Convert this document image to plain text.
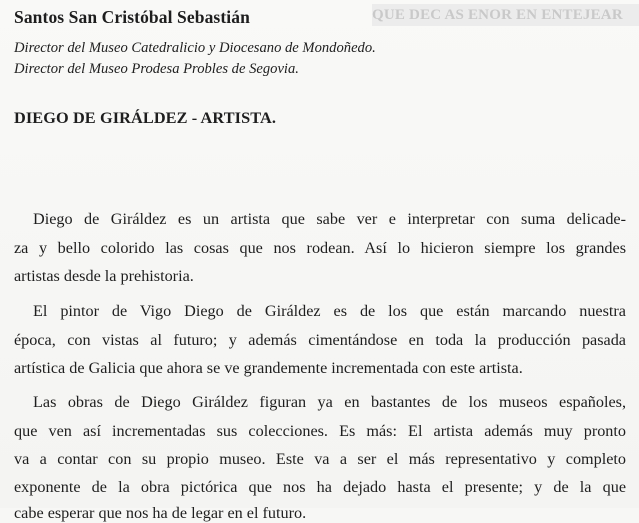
QUE DEC AS ENOR EN ENTEJEAR
Santos San Cristóbal Sebastián
Director del Museo Catedralicio y Diocesano de Mondoñedo.
Director del Museo Prodesa Probles de Segovia.
DIEGO DE GIRÁLDEZ - ARTISTA.
Diego de Giráldez es un artista que sabe ver e interpretar con suma delicade-
za y bello colorido las cosas que nos rodean. Así lo hicieron siempre los grandes
artistas desde la prehistoria.
El pintor de Vigo Diego de Giráldez es de los que están marcando nuestra
época, con vistas al futuro; y además cimentándose en toda la producción pasada
artística de Galicia que ahora se ve grandemente incrementada con este artista.
Las obras de Diego Giráldez figuran ya en bastantes de los museos españoles,
que ven así incrementadas sus colecciones. Es más: El artista además muy pronto
va a contar con su propio museo. Este va a ser el más representativo y completo
exponente de la obra pictórica que nos ha dejado hasta el presente; y de la que
cabe esperar que nos ha de legar en el futuro.
